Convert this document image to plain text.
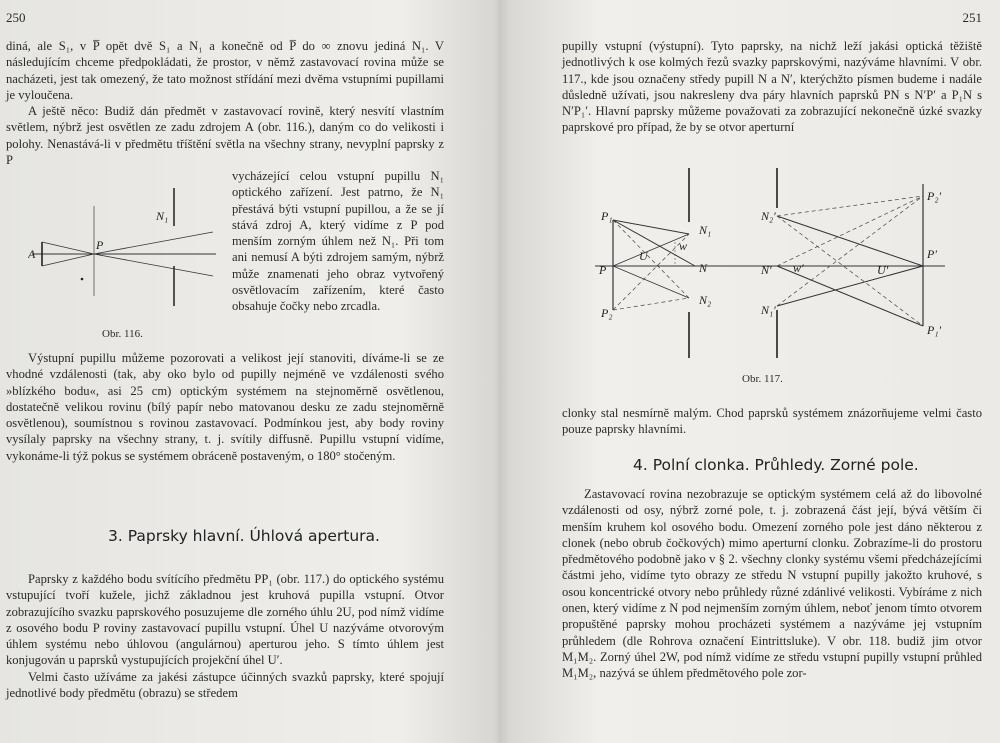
250

diná, ale S₁, v P̅ opět dvě S₁ a N₁ a konečně od P̅ do ∞ znovu jediná N₁. V následujícím chceme předpokládati, že prostor, v němž zastavovací rovina může se nacházeti, jest tak omezený, že tato možnost střídání mezi dvěma vstupními pupillami je vyloučena.

A ještě něco: Budiž dán předmět v zastavovací rovině, který nesvítí vlastním světlem, nýbrž jest osvětlen ze zadu zdrojem A (obr. 116.), daným co do velikosti i polohy. Nenastává-li v předmětu tříštění světla na všechny strany, nevyplní paprsky z P

N₁
A
P
Obr. 116.

vycházející celou vstupní pupillu N₁ optického zařízení. Jest patrno, že N₁ přestává býti vstupní pupillou, a že se jí stává zdroj A, který vidíme z P pod menším zorným úhlem než N₁. Při tom ani nemusí A býti zdrojem samým, nýbrž může znamenati jeho obraz vytvořený osvětlovacím zařízením, které často obsahuje čočky nebo zrcadla.

Výstupní pupillu můžeme pozorovati a velikost její stanoviti, díváme-li se ze vhodné vzdálenosti (tak, aby oko bylo od pupilly nejméně ve vzdálenosti svého »blízkého bodu«, asi 25 cm) optickým systémem na stejnoměrně osvětlenou, dostatečně velikou rovinu (bílý papír nebo matovanou desku ze zadu stejnoměrně osvětlenou), soumístnou s rovinou zastavovací. Podmínkou jest, aby body roviny vysílaly paprsky na všechny strany, t. j. svítily diffusně. Pupillu vstupní vidíme, vykonáme-li týž pokus se systémem obráceně postaveným, o 180° stočeným.

3. Paprsky hlavní. Úhlová apertura.

Paprsky z každého bodu svítícího předmětu PP₁ (obr. 117.) do optického systému vstupující tvoří kužele, jichž základnou jest kruhová pupilla vstupní. Otvor zobrazujícího svazku paprskového posuzujeme dle zorného úhlu 2U, pod nímž vidíme z osového bodu P roviny zastavovací pupillu vstupní. Úhel U nazýváme otvorovým úhlem systému nebo úhlovou (angulárnou) aperturou jeho. S tímto úhlem jest konjugován u paprsků vystupujících projekční úhel U′.

Velmi často užíváme za jakési zástupce účinných svazků paprsky, které spojují jednotlivé body předmětu (obrazu) se středem

251

pupilly vstupní (výstupní). Tyto paprsky, na nichž leží jakási optická těžiště jednotlivých k ose kolmých řezů svazky paprskovými, nazýváme hlavními. V obr. 117., kde jsou označeny středy pupill N a N′, kterýchžto písmen budeme i nadále důsledně užívati, jsou nakresleny dva páry hlavních paprsků PN s N′P′ a P₁N s N′P₁′. Hlavní paprsky můžeme považovati za zobrazující nekonečně úzké svazky paprskové pro případ, že by se otvor aperturní

P₁
P
P₂
U
w
N₁
N
N₂
N₂′
N′
N₁′
w′	U′
P₂′
P′
P₁′
Obr. 117.

clonky stal nesmírně malým. Chod paprsků systémem znázorňujeme velmi často pouze paprsky hlavními.

4. Polní clonka. Průhledy. Zorné pole.

Zastavovací rovina nezobrazuje se optickým systémem celá až do libovolné vzdálenosti od osy, nýbrž zorné pole, t. j. zobrazená část její, bývá větším či menším kruhem kol osového bodu. Omezení zorného pole jest dáno některou z clonek (nebo obrub čočkových) mimo aperturní clonku. Zobrazíme-li do prostoru předmětového podobně jako v § 2. všechny clonky systému všemi předcházejícími částmi jeho, vidíme tyto obrazy ze středu N vstupní pupilly jakožto kruhové, s osou koncentrické otvory nebo průhledy různé zdánlivé velikosti. Vybíráme z nich onen, který vidíme z N pod nejmenším zorným úhlem, neboť jenom tímto otvorem propuštěné paprsky mohou procházeti systémem a nazýváme jej vstupním průhledem (dle Rohrova označení Eintrittsluke). V obr. 118. budiž jim otvor M₁M₂. Zorný úhel 2W, pod nímž vidíme ze středu vstupní pupilly vstupní průhled M₁M₂, nazývá se úhlem předmětového pole zor-
